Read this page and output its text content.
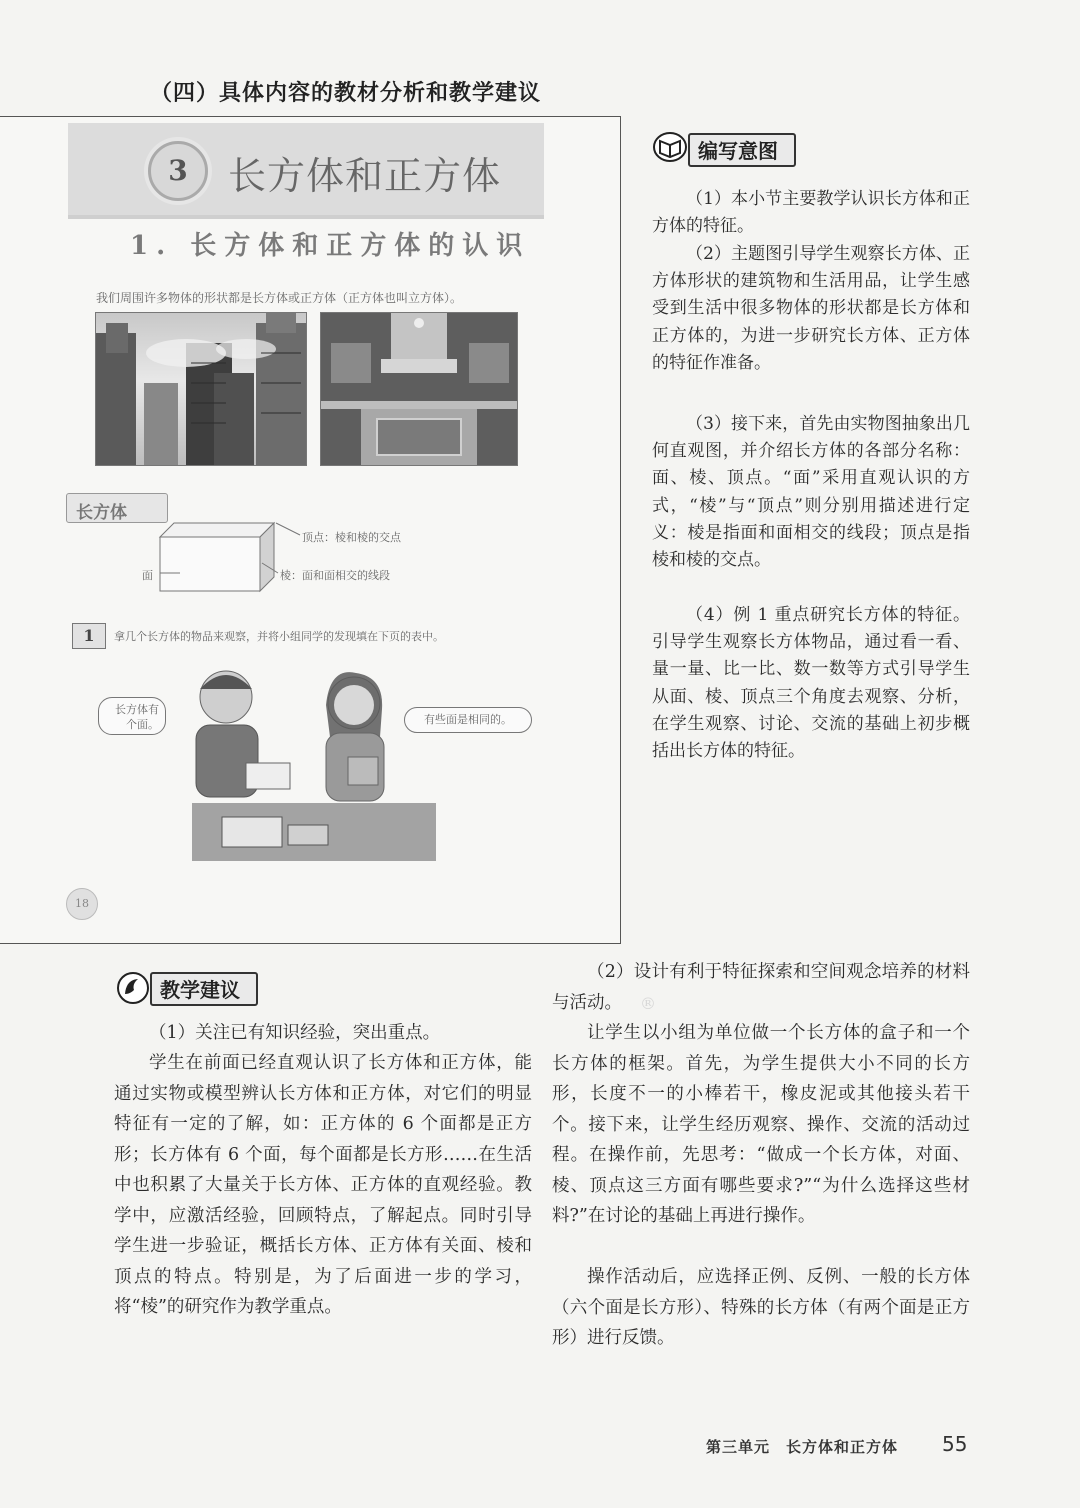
（四）具体内容的教材分析和教学建议
3	长方体和正方体
1. 长方体和正方体的认识
我们周围许多物体的形状都是长方体或正方体（正方体也叫立方体）。
长方体
顶点：棱和棱的交点
面	棱：面和面相交的线段
1	拿几个长方体的物品来观察，并将小组同学的发现填在下页的表中。
长方体有
个面。	有些面是相同的。
18
编写意图

（1）本小节主要教学认识长方体和正方体的特征。

（2）主题图引导学生观察长方体、正方体形状的建筑物和生活用品，让学生感受到生活中很多物体的形状都是长方体和正方体的，为进一步研究长方体、正方体的特征作准备。

（3）接下来，首先由实物图抽象出几何直观图，并介绍长方体的各部分名称：面、棱、顶点。“面”采用直观认识的方式，“棱”与“顶点”则分别用描述进行定义：棱是指面和面相交的线段；顶点是指棱和棱的交点。

（4）例 1 重点研究长方体的特征。引导学生观察长方体物品，通过看一看、量一量、比一比、数一数等方式引导学生从面、棱、顶点三个角度去观察、分析，在学生观察、讨论、交流的基础上初步概括出长方体的特征。

教学建议

（1）关注已有知识经验，突出重点。

学生在前面已经直观认识了长方体和正方体，能通过实物或模型辨认长方体和正方体，对它们的明显特征有一定的了解，如：正方体的 6 个面都是正方形；长方体有 6 个面，每个面都是长方形……在生活中也积累了大量关于长方体、正方体的直观经验。教学中，应激活经验，回顾特点，了解起点。同时引导学生进一步验证，概括长方体、正方体有关面、棱和顶点的特点。特别是，为了后面进一步的学习，将“棱”的研究作为教学重点。

（2）设计有利于特征探索和空间观念培养的材料与活动。

让学生以小组为单位做一个长方体的盒子和一个长方体的框架。首先，为学生提供大小不同的长方形，长度不一的小棒若干，橡皮泥或其他接头若干个。接下来，让学生经历观察、操作、交流的活动过程。在操作前，先思考：“做成一个长方体，对面、棱、顶点这三方面有哪些要求?”“为什么选择这些材料?”在讨论的基础上再进行操作。

操作活动后，应选择正例、反例、一般的长方体（六个面是长方形）、特殊的长方体（有两个面是正方形）进行反馈。

®
第三单元　长方体和正方体 55
